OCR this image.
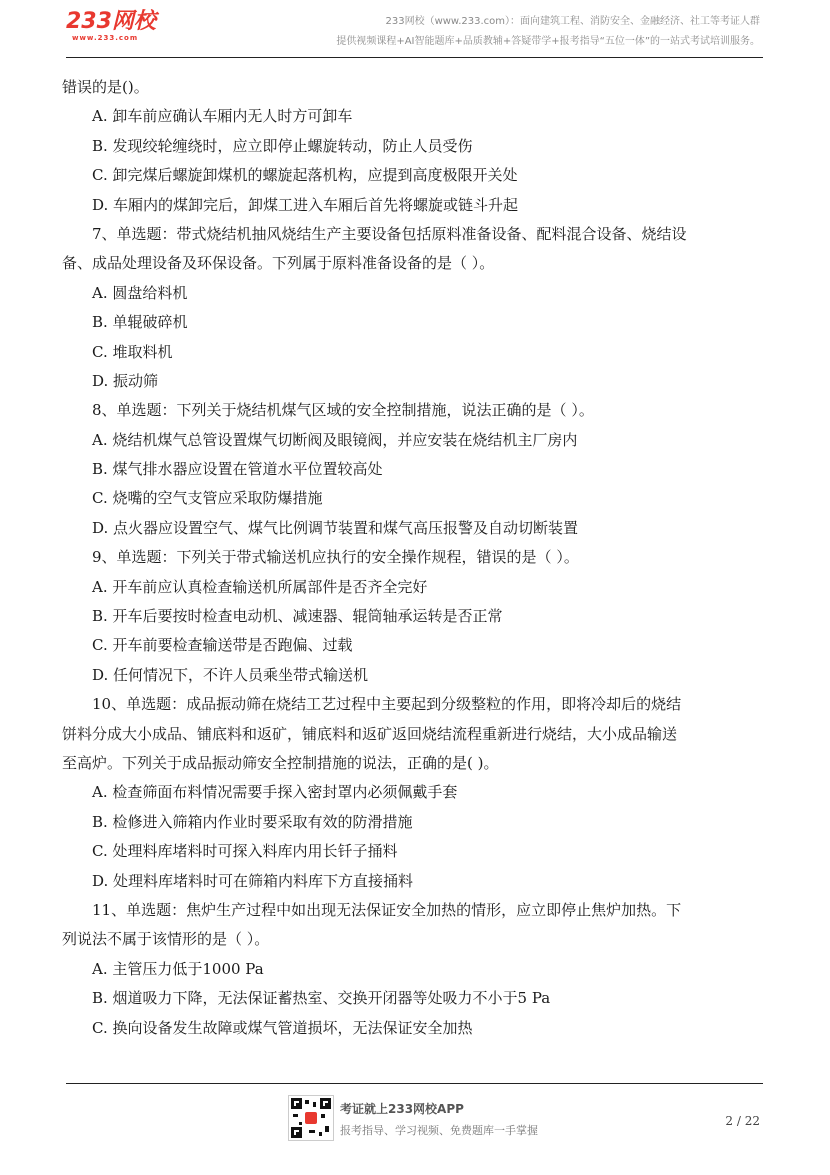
233网校
www.233.com
233网校（www.233.com）：面向建筑工程、消防安全、金融经济、社工等考证人群
提供视频课程+AI智能题库+品质教辅+答疑带学+报考指导“五位一体”的一站式考试培训服务。

错误的是()。

A. 卸车前应确认车厢内无人时方可卸车

B. 发现绞轮缠绕时，应立即停止螺旋转动，防止人员受伤

C. 卸完煤后螺旋卸煤机的螺旋起落机构，应提到高度极限开关处

D. 车厢内的煤卸完后，卸煤工进入车厢后首先将螺旋或链斗升起

7、单选题：带式烧结机抽风烧结生产主要设备包括原料准备设备、配料混合设备、烧结设

备、成品处理设备及环保设备。下列属于原料准备设备的是（ ）。

A. 圆盘给料机

B. 单辊破碎机

C. 堆取料机

D. 振动筛

8、单选题：下列关于烧结机煤气区域的安全控制措施，说法正确的是（ ）。

A. 烧结机煤气总管设置煤气切断阀及眼镜阀，并应安装在烧结机主厂房内

B. 煤气排水器应设置在管道水平位置较高处

C. 烧嘴的空气支管应采取防爆措施

D. 点火器应设置空气、煤气比例调节装置和煤气高压报警及自动切断装置

9、单选题：下列关于带式输送机应执行的安全操作规程，错误的是（ ）。

A. 开车前应认真检查输送机所属部件是否齐全完好

B. 开车后要按时检查电动机、减速器、辊筒轴承运转是否正常

C. 开车前要检查输送带是否跑偏、过载

D. 任何情况下，不许人员乘坐带式输送机

10、单选题：成品振动筛在烧结工艺过程中主要起到分级整粒的作用，即将冷却后的烧结

饼料分成大小成品、铺底料和返矿，铺底料和返矿返回烧结流程重新进行烧结，大小成品输送

至高炉。下列关于成品振动筛安全控制措施的说法，正确的是( )。

A. 检查筛面布料情况需要手探入密封罩内必须佩戴手套

B. 检修进入筛箱内作业时要采取有效的防滑措施

C. 处理料库堵料时可探入料库内用长钎子捅料

D. 处理料库堵料时可在筛箱内料库下方直接捅料

11、单选题：焦炉生产过程中如出现无法保证安全加热的情形，应立即停止焦炉加热。下

列说法不属于该情形的是（ ）。

A. 主管压力低于1000 Pa

B. 烟道吸力下降，无法保证蓄热室、交换开闭器等处吸力不小于5 Pa

C. 换向设备发生故障或煤气管道损坏，无法保证安全加热

考证就上233网校APP
报考指导、学习视频、免费题库一手掌握
2 / 22
